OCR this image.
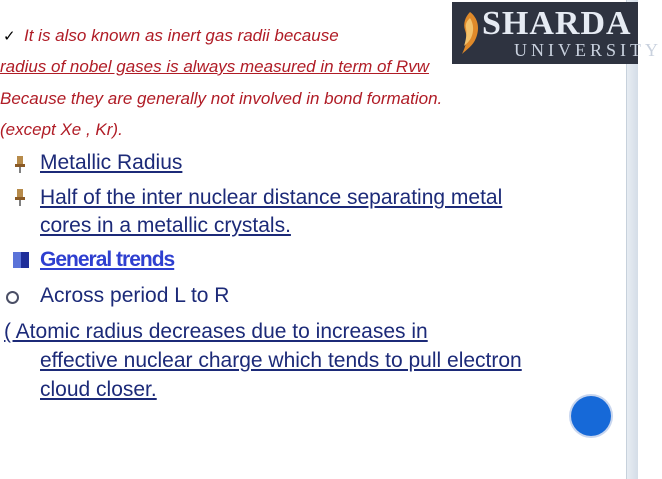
SHARDA
UNIVERSITY
✓ It is also known as inert gas radii because
radius of nobel gases is always measured in term of Rvw
Because they are generally not involved in bond formation.
(except Xe , Kr).
Metallic Radius
Half of the inter nuclear distance separating metal
cores in a metallic crystals.
General trends
Across period L to R
( Atomic radius decreases due to increases in
effective nuclear charge which tends to pull electron
cloud closer.
